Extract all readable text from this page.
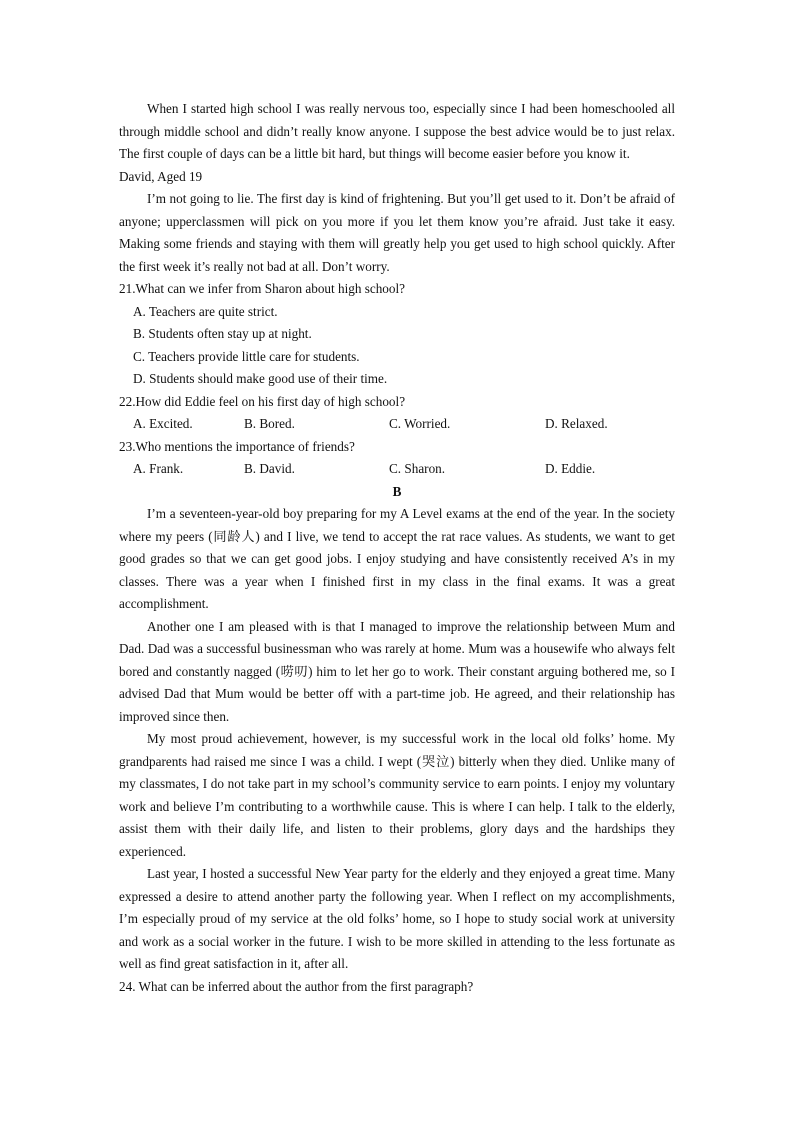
When I started high school I was really nervous too, especially since I had been homeschooled all through middle school and didn’t really know anyone. I suppose the best advice would be to just relax. The first couple of days can be a little bit hard, but things will become easier before you know it.

David, Aged 19

I’m not going to lie. The first day is kind of frightening. But you’ll get used to it. Don’t be afraid of anyone; upperclassmen will pick on you more if you let them know you’re afraid. Just take it easy. Making some friends and staying with them will greatly help you get used to high school quickly. After the first week it’s really not bad at all. Don’t worry.

21.What can we infer from Sharon about high school?

A. Teachers are quite strict.

B. Students often stay up at night.

C. Teachers provide little care for students.

D. Students should make good use of their time.

22.How did Eddie feel on his first day of high school?

A. Excited.	B. Bored.	C. Worried.	D. Relaxed.

23.Who mentions the importance of friends?

A. Frank.	B. David.	C. Sharon.	D. Eddie.

B

I’m a seventeen-year-old boy preparing for my A Level exams at the end of the year. In the society where my peers (同龄人) and I live, we tend to accept the rat race values. As students, we want to get good grades so that we can get good jobs. I enjoy studying and have consistently received A’s in my classes. There was a year when I finished first in my class in the final exams. It was a great accomplishment.

Another one I am pleased with is that I managed to improve the relationship between Mum and Dad. Dad was a successful businessman who was rarely at home. Mum was a housewife who always felt bored and constantly nagged (唠叨) him to let her go to work. Their constant arguing bothered me, so I advised Dad that Mum would be better off with a part-time job. He agreed, and their relationship has improved since then.

My most proud achievement, however, is my successful work in the local old folks’ home. My grandparents had raised me since I was a child. I wept (哭泣) bitterly when they died. Unlike many of my classmates, I do not take part in my school’s community service to earn points. I enjoy my voluntary work and believe I’m contributing to a worthwhile cause. This is where I can help. I talk to the elderly, assist them with their daily life, and listen to their problems, glory days and the hardships they experienced.

Last year, I hosted a successful New Year party for the elderly and they enjoyed a great time. Many expressed a desire to attend another party the following year. When I reflect on my accomplishments, I’m especially proud of my service at the old folks’ home, so I hope to study social work at university and work as a social worker in the future. I wish to be more skilled in attending to the less fortunate as well as find great satisfaction in it, after all.

24. What can be inferred about the author from the first paragraph?
